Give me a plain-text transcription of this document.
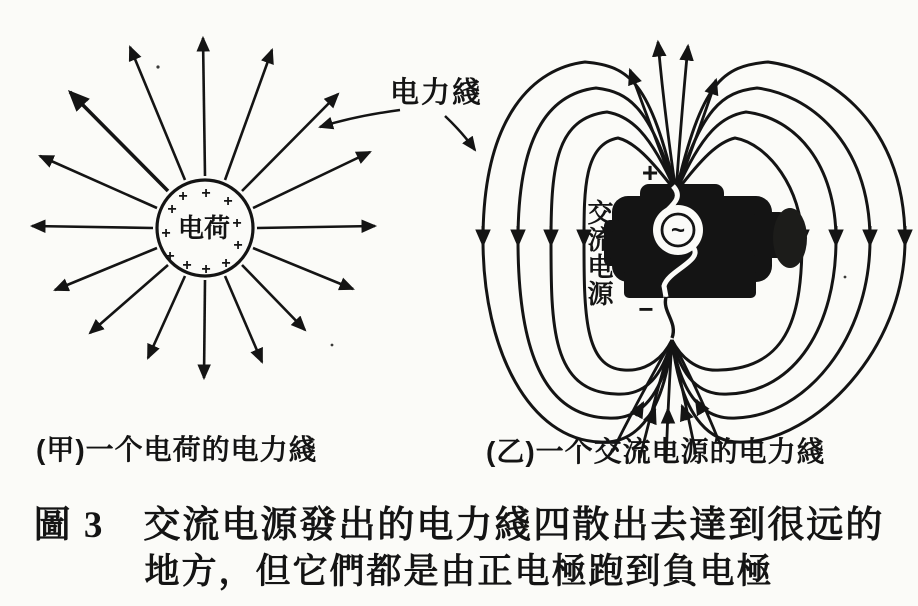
+ + +
+
+
+
+
+
+
+
+
电荷	~
+
−
电力綫
交流电源
(甲)一个电荷的电力綫	(乙)一个交流电源的电力綫
圖 3　交流电源發出的电力綫四散出去達到很远的
地方，但它們都是由正电極跑到負电極
